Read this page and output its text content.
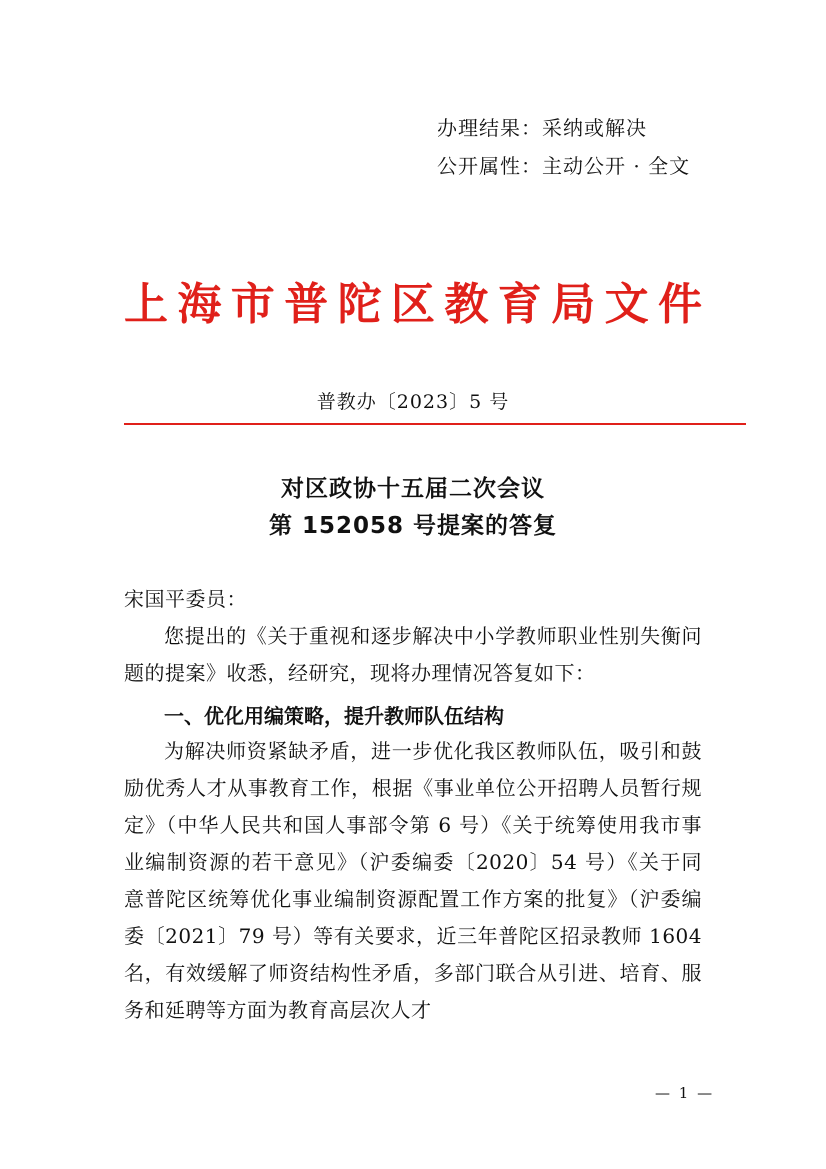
办理结果：采纳或解决
公开属性：主动公开 · 全文
上海市普陀区教育局文件
普教办〔2023〕5 号
对区政协十五届二次会议
第 152058 号提案的答复
宋国平委员：
您提出的《关于重视和逐步解决中小学教师职业性别失衡问题的提案》收悉，经研究，现将办理情况答复如下：
一、优化用编策略，提升教师队伍结构
为解决师资紧缺矛盾，进一步优化我区教师队伍，吸引和鼓励优秀人才从事教育工作，根据《事业单位公开招聘人员暂行规定》（中华人民共和国人事部令第 6 号）《关于统筹使用我市事业编制资源的若干意见》（沪委编委〔2020〕54 号）《关于同意普陀区统筹优化事业编制资源配置工作方案的批复》（沪委编委〔2021〕79 号）等有关要求，近三年普陀区招录教师 1604 名，有效缓解了师资结构性矛盾，多部门联合从引进、培育、服务和延聘等方面为教育高层次人才
— 1 —
